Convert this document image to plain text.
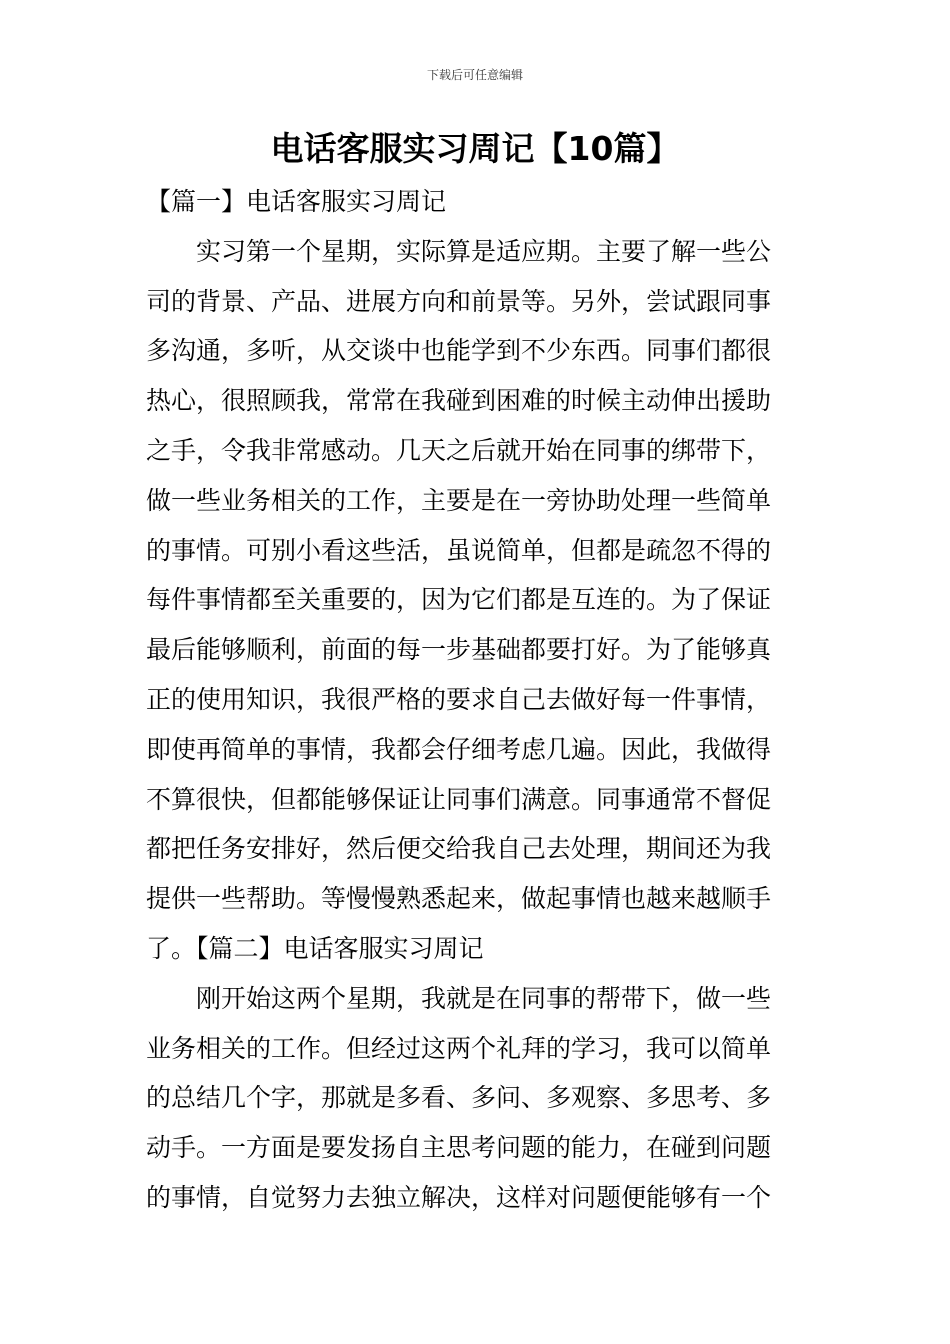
下载后可任意编辑
电话客服实习周记【10篇】
【篇一】电话客服实习周记
　　实习第一个星期，实际算是适应期。主要了解一些公
司的背景、产品、进展方向和前景等。另外，尝试跟同事
多沟通，多听，从交谈中也能学到不少东西。同事们都很
热心，很照顾我，常常在我碰到困难的时候主动伸出援助
之手，令我非常感动。几天之后就开始在同事的绑带下，
做一些业务相关的工作，主要是在一旁协助处理一些简单
的事情。可别小看这些活，虽说简单，但都是疏忽不得的
每件事情都至关重要的，因为它们都是互连的。为了保证
最后能够顺利，前面的每一步基础都要打好。为了能够真
正的使用知识，我很严格的要求自己去做好每一件事情，
即使再简单的事情，我都会仔细考虑几遍。因此，我做得
不算很快，但都能够保证让同事们满意。同事通常不督促
都把任务安排好，然后便交给我自己去处理，期间还为我
提供一些帮助。等慢慢熟悉起来，做起事情也越来越顺手
了。【篇二】电话客服实习周记
　　刚开始这两个星期，我就是在同事的帮带下，做一些
业务相关的工作。但经过这两个礼拜的学习，我可以简单
的总结几个字，那就是多看、多问、多观察、多思考、多
动手。一方面是要发扬自主思考问题的能力，在碰到问题
的事情，自觉努力去独立解决，这样对问题便能够有一个
